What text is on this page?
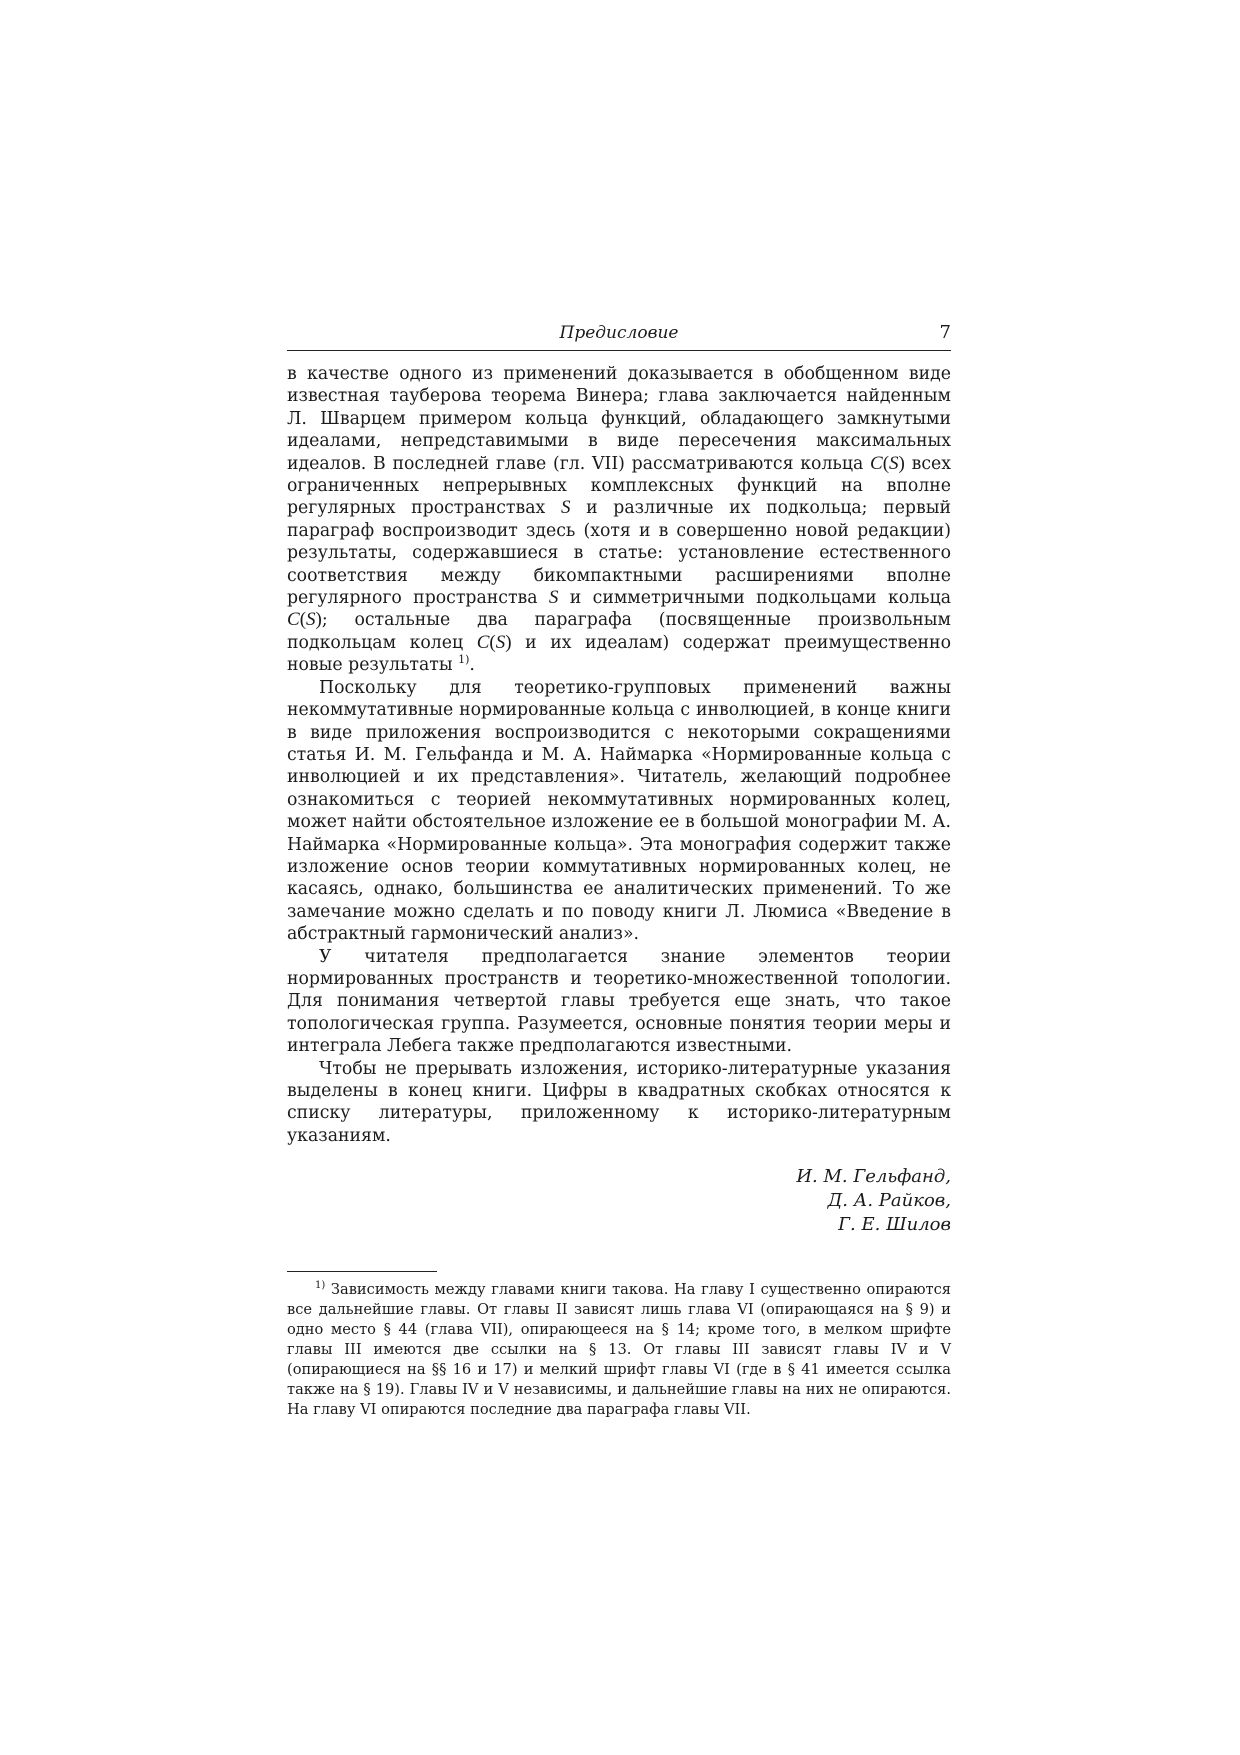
Предисловие	7

в качестве одного из применений доказывается в обобщенном виде известная тауберова теорема Винера; глава заключается найденным Л. Шварцем примером кольца функций, обладающего замкнутыми идеалами, непредставимыми в виде пересечения максимальных идеалов. В последней главе (гл. VII) рассматриваются кольца C(S) всех ограниченных непрерывных комплексных функций на вполне регулярных пространствах S и различные их подкольца; первый параграф воспроизводит здесь (хотя и в совершенно новой редакции) результаты, содержавшиеся в статье: установление естественного соответствия между бикомпактными расширениями вполне регулярного пространства S и симметричными подкольцами кольца C(S); остальные два параграфа (посвященные произвольным подкольцам колец C(S) и их идеалам) содержат преимущественно новые результаты $^{1)}$.

Поскольку для теоретико-групповых применений важны некоммутативные нормированные кольца с инволюцией, в конце книги в виде приложения воспроизводится с некоторыми сокращениями статья И. М. Гельфанда и М. А. Наймарка «Нормированные кольца с инволюцией и их представления». Читатель, желающий подробнее ознакомиться с теорией некоммутативных нормированных колец, может найти обстоятельное изложение ее в большой монографии М. А. Наймарка «Нормированные кольца». Эта монография содержит также изложение основ теории коммутативных нормированных колец, не касаясь, однако, большинства ее аналитических применений. То же замечание можно сделать и по поводу книги Л. Люмиса «Введение в абстрактный гармонический анализ».

У читателя предполагается знание элементов теории нормированных пространств и теоретико-множественной топологии. Для понимания четвертой главы требуется еще знать, что такое топологическая группа. Разумеется, основные понятия теории меры и интеграла Лебега также предполагаются известными.

Чтобы не прерывать изложения, историко-литературные указания выделены в конец книги. Цифры в квадратных скобках относятся к списку литературы, приложенному к историко-литературным указаниям.

И. М. Гельфанд,
Д. А. Райков,
Г. Е. Шилов
$^{1)}$ Зависимость между главами книги такова. На главу I существенно опираются все дальнейшие главы. От главы II зависят лишь глава VI (опирающаяся на § 9) и одно место § 44 (глава VII), опирающееся на § 14; кроме того, в мелком шрифте главы III имеются две ссылки на § 13. От главы III зависят главы IV и V (опирающиеся на §§ 16 и 17) и мелкий шрифт главы VI (где в § 41 имеется ссылка также на § 19). Главы IV и V независимы, и дальнейшие главы на них не опираются. На главу VI опираются последние два параграфа главы VII.
